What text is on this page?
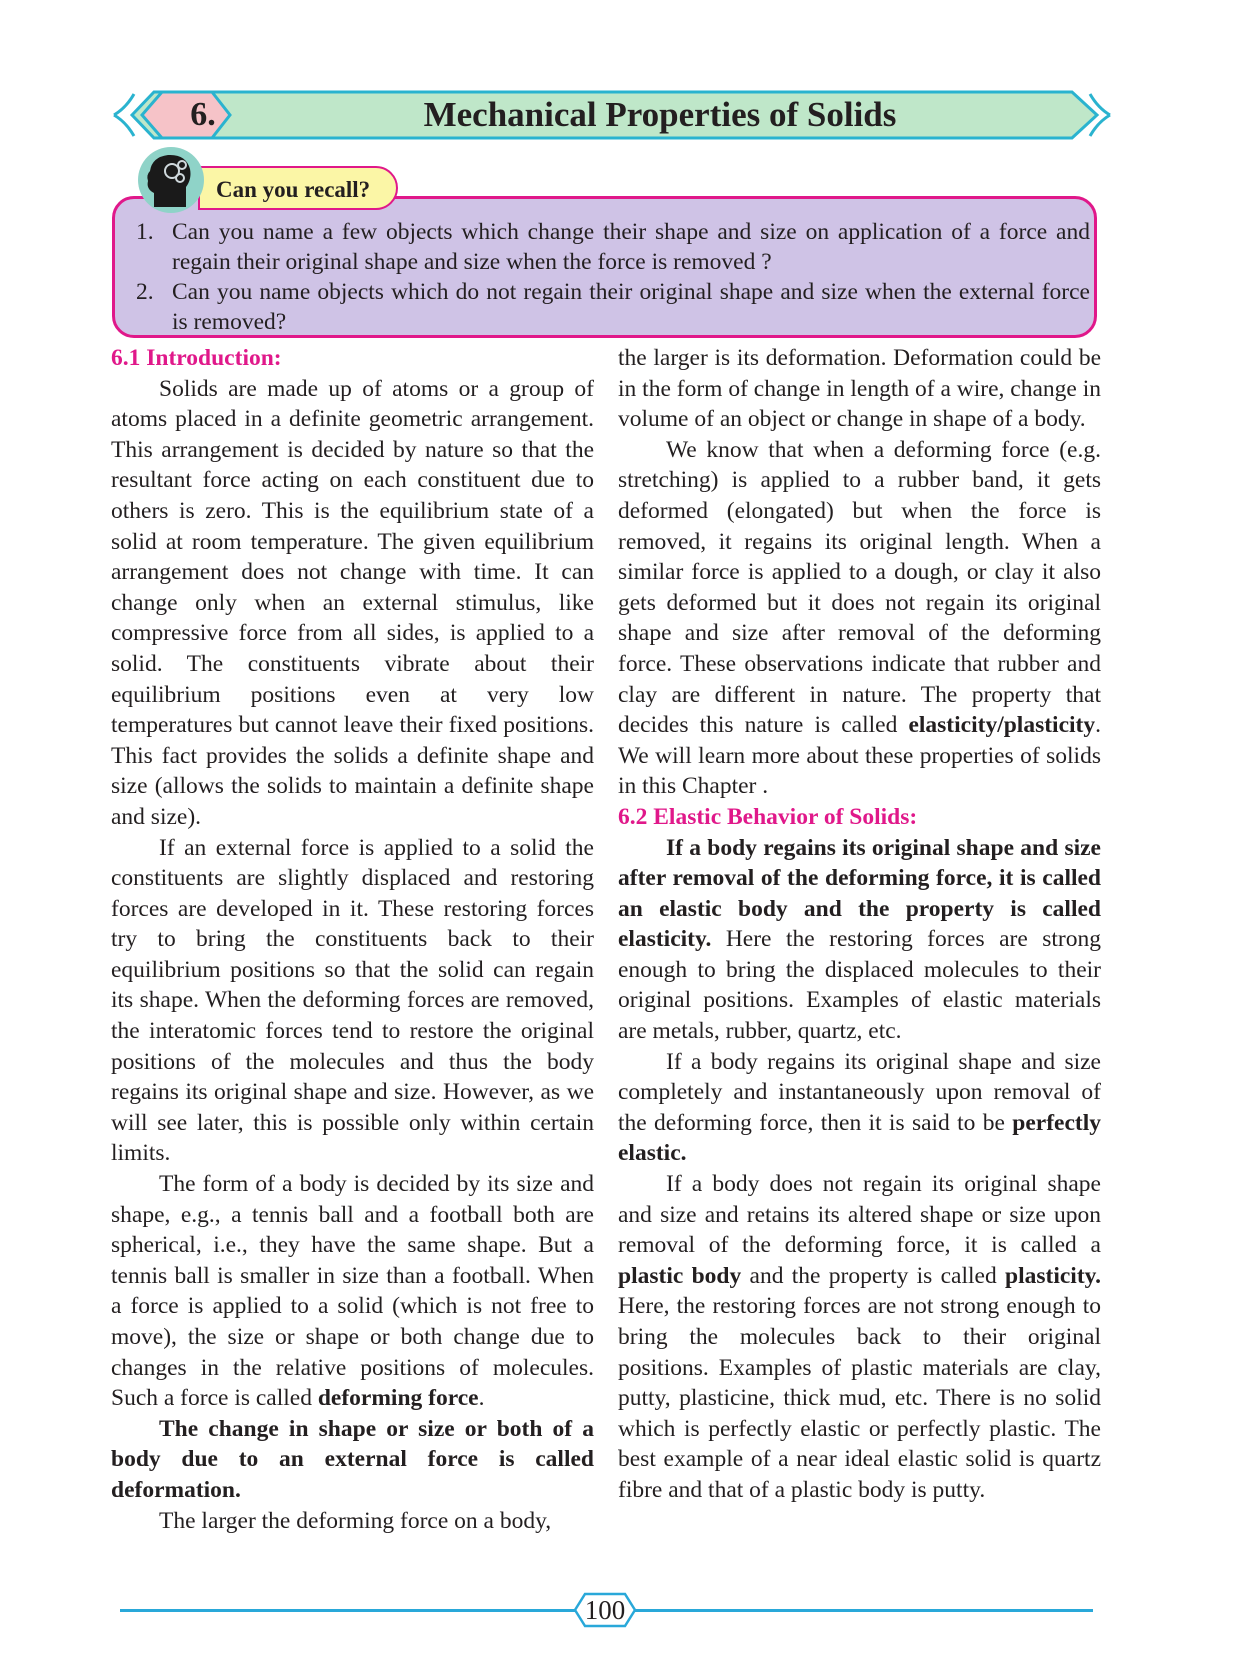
6.	Mechanical Properties of Solids
Can you recall?
1. Can you name a few objects which change their shape and size on application of a force and regain their original shape and size when the force is removed ?
2. Can you name objects which do not regain their original shape and size when the external force is removed?

6.1 Introduction:

Solids are made up of atoms or a group of atoms placed in a definite geometric arrangement. This arrangement is decided by nature so that the resultant force acting on each constituent due to others is zero. This is the equilibrium state of a solid at room temperature. The given equilibrium arrangement does not change with time. It can change only when an external stimulus, like compressive force from all sides, is applied to a solid. The constituents vibrate about their equilibrium positions even at very low temperatures but cannot leave their fixed positions. This fact provides the solids a definite shape and size (allows the solids to maintain a definite shape and size).

If an external force is applied to a solid the constituents are slightly displaced and restoring forces are developed in it. These restoring forces try to bring the constituents back to their equilibrium positions so that the solid can regain its shape. When the deforming forces are removed, the interatomic forces tend to restore the original positions of the molecules and thus the body regains its original shape and size. However, as we will see later, this is possible only within certain limits.

The form of a body is decided by its size and shape, e.g., a tennis ball and a football both are spherical, i.e., they have the same shape. But a tennis ball is smaller in size than a football. When a force is applied to a solid (which is not free to move), the size or shape or both change due to changes in the relative positions of molecules. Such a force is called deforming force.

The change in shape or size or both of a body due to an external force is called deformation.

The larger the deforming force on a body,

the larger is its deformation. Deformation could be in the form of change in length of a wire, change in volume of an object or change in shape of a body.

We know that when a deforming force (e.g. stretching) is applied to a rubber band, it gets deformed (elongated) but when the force is removed, it regains its original length. When a similar force is applied to a dough, or clay it also gets deformed but it does not regain its original shape and size after removal of the deforming force. These observations indicate that rubber and clay are different in nature. The property that decides this nature is called elasticity/plasticity. We will learn more about these properties of solids in this Chapter .

6.2 Elastic Behavior of Solids:

If a body regains its original shape and size after removal of the deforming force, it is called an elastic body and the property is called elasticity. Here the restoring forces are strong enough to bring the displaced molecules to their original positions. Examples of elastic materials are metals, rubber, quartz, etc.

If a body regains its original shape and size completely and instantaneously upon removal of the deforming force, then it is said to be perfectly elastic.

If a body does not regain its original shape and size and retains its altered shape or size upon removal of the deforming force, it is called a plastic body and the property is called plasticity. Here, the restoring forces are not strong enough to bring the molecules back to their original positions. Examples of plastic materials are clay, putty, plasticine, thick mud, etc. There is no solid which is perfectly elastic or perfectly plastic. The best example of a near ideal elastic solid is quartz fibre and that of a plastic body is putty.

100
